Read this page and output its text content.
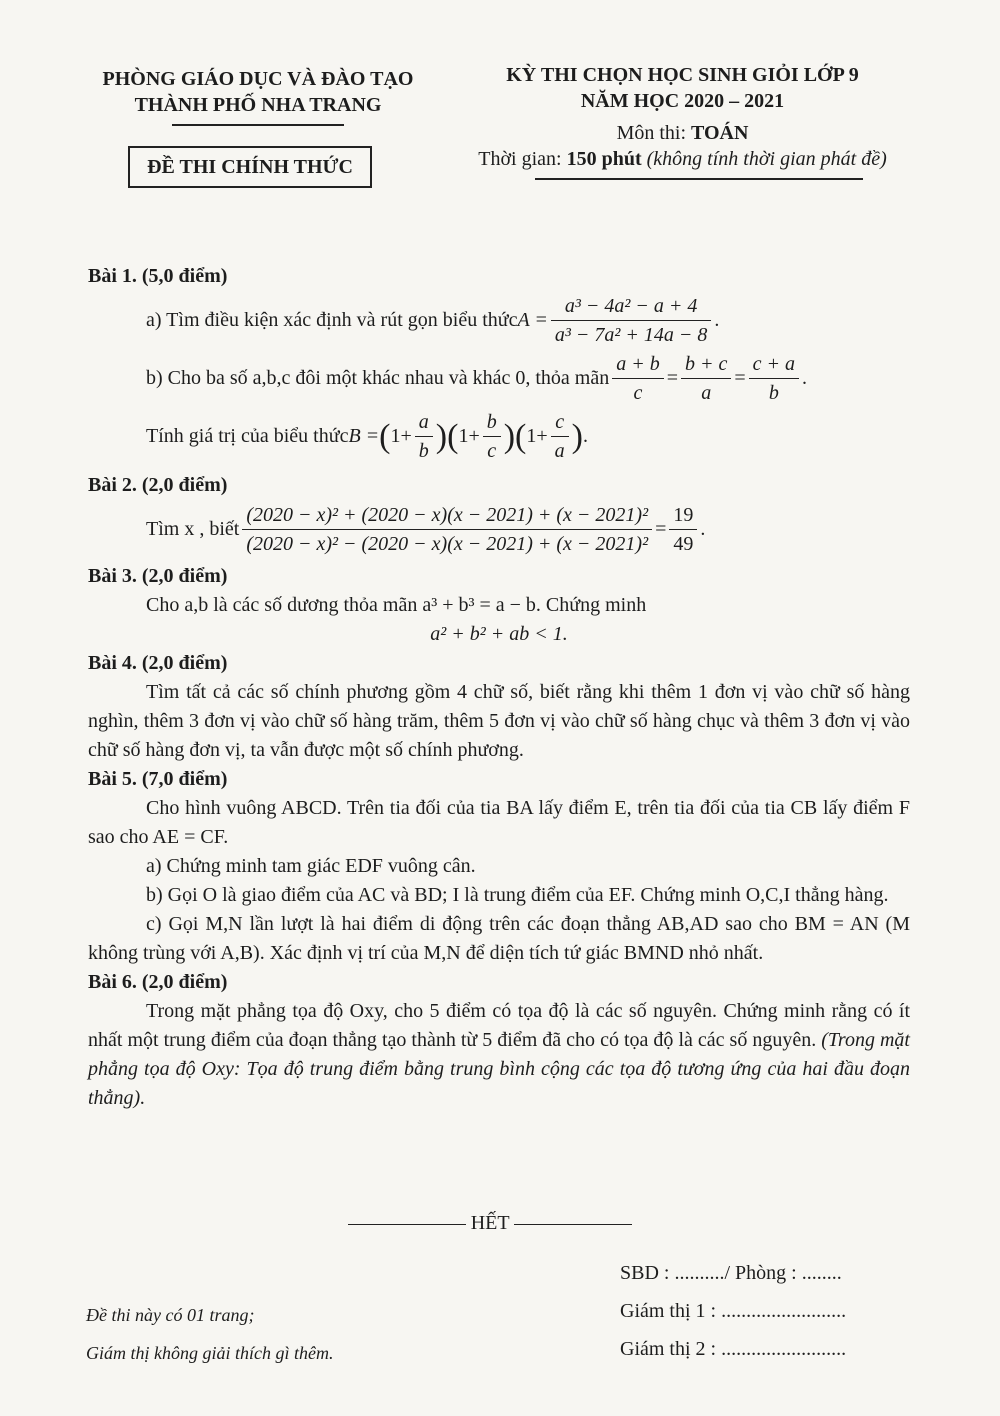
PHÒNG GIÁO DỤC VÀ ĐÀO TẠO
THÀNH PHỐ NHA TRANG
ĐỀ THI CHÍNH THỨC
KỲ THI CHỌN HỌC SINH GIỎI LỚP 9
NĂM HỌC 2020 – 2021
Môn thi: TOÁN
Thời gian: 150 phút (không tính thời gian phát đề)

Bài 1. (5,0 điểm)

a) Tìm điều kiện xác định và rút gọn biểu thức $A = \frac{\text{a³ − 4a² − a + 4}}{\text{a³ − 7a² + 14a − 8}}$ .
b) Cho ba số a,b,c đôi một khác nhau và khác 0, thỏa mãn $\frac{a + b}{c} = \frac{b + c}{a} = \frac{c + a}{b}$ .
Tính giá trị của biểu thức B = ( $1+ \frac{a}{b}$ )( $1+ \frac{b}{c}$ )( $1+ \frac{c}{a}$ ) .

Bài 2. (2,0 điểm)

Tìm x , biết $\frac{\text{(2020 − x)² + (2020 − x)(x − 2021) + (x − 2021)²}}{\text{(2020 − x)² − (2020 − x)(x − 2021) + (x − 2021)²}} = \frac{19}{49}$ .

Bài 3. (2,0 điểm)

Cho a,b là các số dương thỏa mãn a³ + b³ = a − b. Chứng minh

a² + b² + ab < 1.

Bài 4. (2,0 điểm)

Tìm tất cả các số chính phương gồm 4 chữ số, biết rằng khi thêm 1 đơn vị vào chữ số hàng nghìn, thêm 3 đơn vị vào chữ số hàng trăm, thêm 5 đơn vị vào chữ số hàng chục và thêm 3 đơn vị vào chữ số hàng đơn vị, ta vẫn được một số chính phương.

Bài 5. (7,0 điểm)

Cho hình vuông ABCD. Trên tia đối của tia BA lấy điểm E, trên tia đối của tia CB lấy điểm F sao cho AE = CF.

a) Chứng minh tam giác EDF vuông cân.

b) Gọi O là giao điểm của AC và BD; I là trung điểm của EF. Chứng minh O,C,I thẳng hàng.

c) Gọi M,N lần lượt là hai điểm di động trên các đoạn thẳng AB,AD sao cho BM = AN (M không trùng với A,B). Xác định vị trí của M,N để diện tích tứ giác BMND nhỏ nhất.

Bài 6. (2,0 điểm)

Trong mặt phẳng tọa độ Oxy, cho 5 điểm có tọa độ là các số nguyên. Chứng minh rằng có ít nhất một trung điểm của đoạn thẳng tạo thành từ 5 điểm đã cho có tọa độ là các số nguyên. (Trong mặt phẳng tọa độ Oxy: Tọa độ trung điểm bằng trung bình cộng các tọa độ tương ứng của hai đầu đoạn thẳng).

HẾT
Đề thi này có 01 trang;
Giám thị không giải thích gì thêm.
SBD : ........../ Phòng : ........
Giám thị 1 : .........................
Giám thị 2 : .........................
